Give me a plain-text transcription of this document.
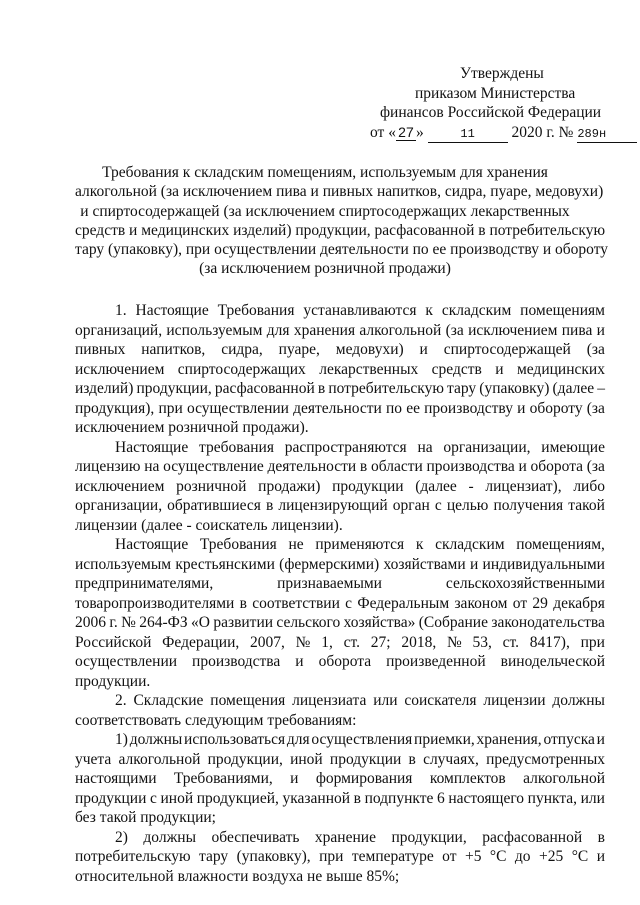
Утверждены
приказом Министерства
финансов Российской Федерации
от « 27 »	11 2020 г. № 289н
Требования к складским помещениям, используемым для хранения
алкогольной (за исключением пива и пивных напитков, сидра, пуаре, медовухи)
и спиртосодержащей (за исключением спиртосодержащих лекарственных
средств и медицинских изделий) продукции, расфасованной в потребительскую
тару (упаковку), при осуществлении деятельности по ее производству и обороту
(за исключением розничной продажи)
1. Настоящие Требования устанавливаются к складским помещениям
организаций, используемым для хранения алкогольной (за исключением пива и
пивных напитков, сидра, пуаре, медовухи) и спиртосодержащей (за
исключением спиртосодержащих лекарственных средств и медицинских
изделий) продукции, расфасованной в потребительскую тару (упаковку) (далее –
продукция), при осуществлении деятельности по ее производству и обороту (за
исключением розничной продажи).
Настоящие требования распространяются на организации, имеющие
лицензию на осуществление деятельности в области производства и оборота (за
исключением розничной продажи) продукции (далее - лицензиат), либо
организации, обратившиеся в лицензирующий орган с целью получения такой
лицензии (далее - соискатель лицензии).
Настоящие Требования не применяются к складским помещениям,
используемым крестьянскими (фермерскими) хозяйствами и индивидуальными
предпринимателями,	признаваемыми	сельскохозяйственными
товаропроизводителями в соответствии с Федеральным законом от 29 декабря
2006 г. № 264-ФЗ «О развитии сельского хозяйства» (Собрание законодательства
Российской Федерации, 2007, № 1, ст. 27; 2018, № 53, ст. 8417), при
осуществлении производства и оборота произведенной винодельческой
продукции.
2. Складские помещения лицензиата или соискателя лицензии должны
соответствовать следующим требованиям:
1) должны использоваться для осуществления приемки, хранения, отпуска и
учета алкогольной продукции, иной продукции в случаях, предусмотренных
настоящими Требованиями, и формирования комплектов алкогольной
продукции с иной продукцией, указанной в подпункте 6 настоящего пункта, или
без такой продукции;
2) должны обеспечивать хранение продукции, расфасованной в
потребительскую тару (упаковку), при температуре от +5 °С до +25 °С и
относительной влажности воздуха не выше 85%;
